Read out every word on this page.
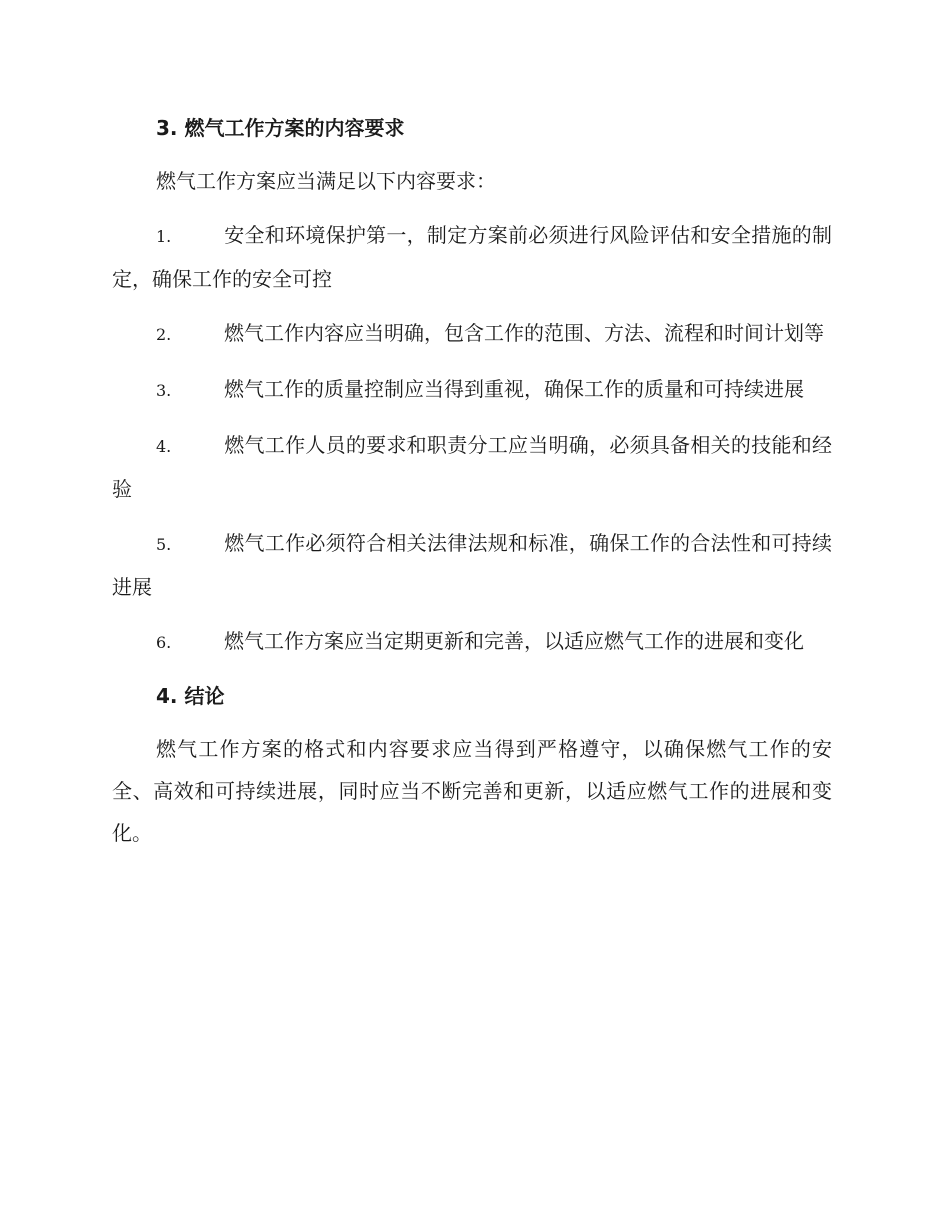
3. 燃气工作方案的内容要求

燃气工作方案应当满足以下内容要求：

1.	安全和环境保护第一，制定方案前必须进行风险评估和安全措施的制定，确保工作的安全可控

2.	燃气工作内容应当明确，包含工作的范围、方法、流程和时间计划等

3.	燃气工作的质量控制应当得到重视，确保工作的质量和可持续进展

4.	燃气工作人员的要求和职责分工应当明确，必须具备相关的技能和经验

5.	燃气工作必须符合相关法律法规和标准，确保工作的合法性和可持续进展

6.	燃气工作方案应当定期更新和完善，以适应燃气工作的进展和变化

4. 结论

燃气工作方案的格式和内容要求应当得到严格遵守，以确保燃气工作的安全、高效和可持续进展，同时应当不断完善和更新，以适应燃气工作的进展和变化。
